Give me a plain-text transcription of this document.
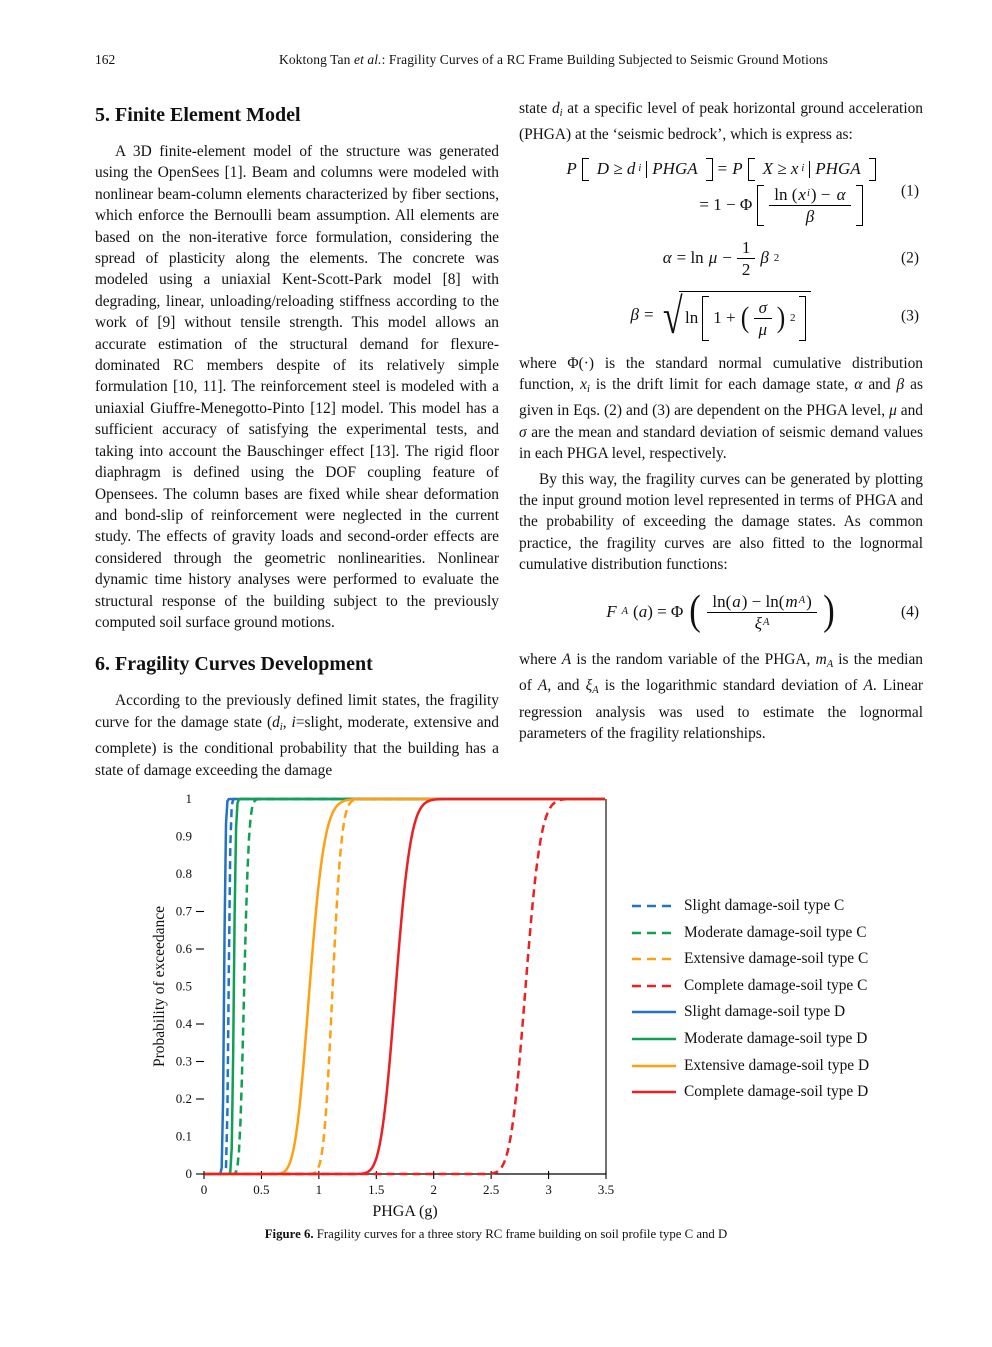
162	Koktong Tan et al.: Fragility Curves of a RC Frame Building Subjected to Seismic Ground Motions
5. Finite Element Model

A 3D finite-element model of the structure was generated using the OpenSees [1]. Beam and columns were modeled with nonlinear beam-column elements characterized by fiber sections, which enforce the Bernoulli beam assumption. All elements are based on the non-iterative force formulation, considering the spread of plasticity along the elements. The concrete was modeled using a uniaxial Kent-Scott-Park model [8] with degrading, linear, unloading/reloading stiffness according to the work of [9] without tensile strength. This model allows an accurate estimation of the structural demand for flexure-dominated RC members despite of its relatively simple formulation [10, 11]. The reinforcement steel is modeled with a uniaxial Giuffre-Menegotto-Pinto [12] model. This model has a sufficient accuracy of satisfying the experimental tests, and taking into account the Bauschinger effect [13]. The rigid floor diaphragm is defined using the DOF coupling feature of Opensees. The column bases are fixed while shear deformation and bond-slip of reinforcement were neglected in the current study. The effects of gravity loads and second-order effects are considered through the geometric nonlinearities. Nonlinear dynamic time history analyses were performed to evaluate the structural response of the building subject to the previously computed soil surface ground motions.

6. Fragility Curves Development

According to the previously defined limit states, the fragility curve for the damage state ($d_i$, i=slight, moderate, extensive and complete) is the conditional probability that the building has a state of damage exceeding the damage

state $d_i$ at a specific level of peak horizontal ground acceleration (PHGA) at the ‘seismic bedrock’, which is express as:

P D ≥ d i PHGA = P X ≥ x i PHGA
= 1 − Φ ln ( x i ) −
α
β	(1)
$\alpha = \ln \mu - \frac{1}{2}$ β 2	(2)
β = √ ln 1 + ( $\frac{\sigma}{\mu}$ ) 2	(3)

where Φ(·) is the standard normal cumulative distribution function, $x_i$ is the drift limit for each damage state, α and β as given in Eqs. (2) and (3) are dependent on the PHGA level, μ and σ are the mean and standard deviation of seismic demand values in each PHGA level, respectively.

By this way, the fragility curves can be generated by plotting the input ground motion level represented in terms of PHGA and the probability of exceeding the damage states. As common practice, the fragility curves are also fitted to the lognormal cumulative distribution functions:

F A (a) = Φ ( $\frac{\text{ln( a ) − ln( m A )}}{\text{ξ A}}$ )	(4)

where A is the random variable of the PHGA, $m_A$ is the median of A, and $\xi_A$ is the logarithmic standard deviation of A. Linear regression analysis was used to estimate the lognormal parameters of the fragility relationships.

0	0.5	1	1.5	2	2.5	3	3.5
0
0.1
0.2
0.3
0.4
0.5
0.6
0.7
0.8
0.9
1
PHGA (g)
Probability of exceedance
Slight damage-soil type C
Moderate damage-soil type C
Extensive damage-soil type C
Complete damage-soil type C
Slight damage-soil type D
Moderate damage-soil type D
Extensive damage-soil type D
Complete damage-soil type D
Figure 6. Fragility curves for a three story RC frame building on soil profile type C and D
